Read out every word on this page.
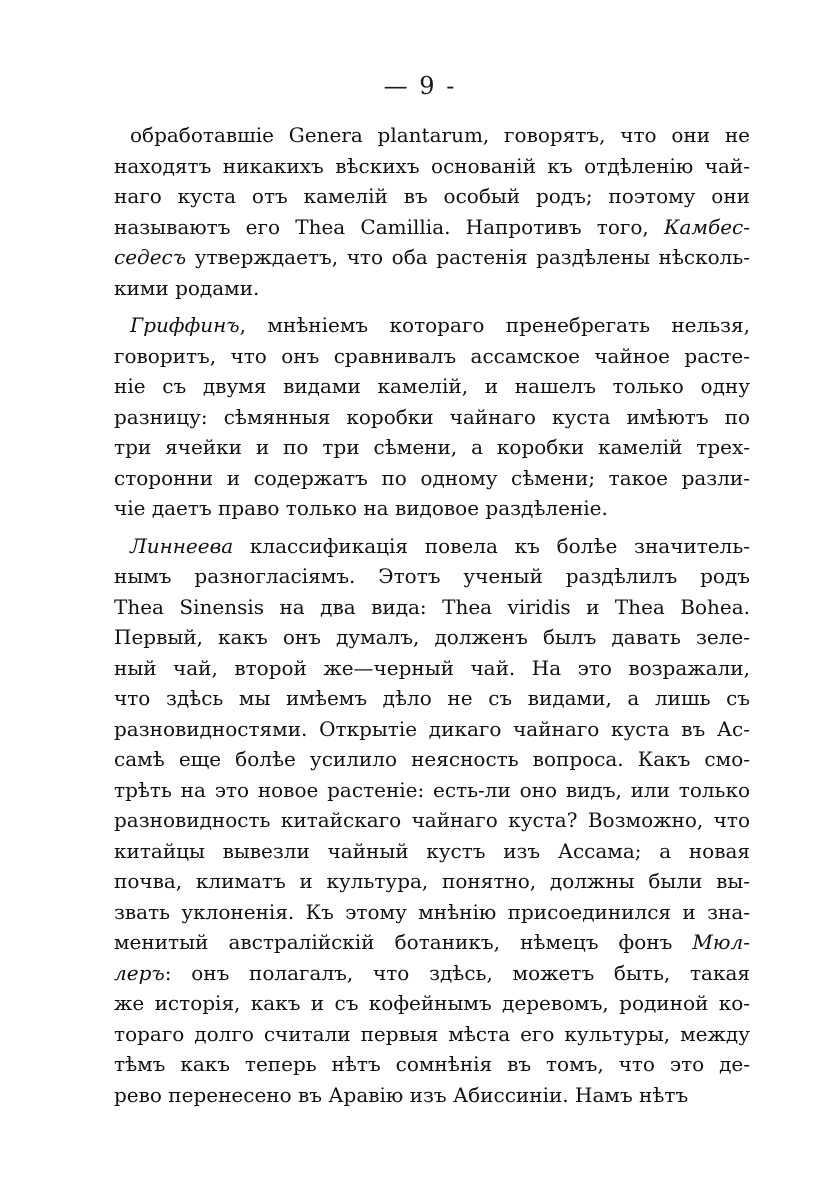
— 9 -
обработавшіе Genera plantarum, говорятъ, что они не
находятъ никакихъ вѣскихъ основаній къ отдѣленію чай-
наго куста отъ камелій въ особый родъ; поэтому они
называютъ его Thea Camillia. Напротивъ того, Камбес-
седесъ утверждаетъ, что оба растенія раздѣлены нѣсколь-
кими родами.
Гриффинъ, мнѣніемъ котораго пренебрегать нельзя,
говоритъ, что онъ сравнивалъ ассамское чайное расте-
ніе съ двумя видами камелій, и нашелъ только одну
разницу: сѣмянныя коробки чайнаго куста имѣютъ по
три ячейки и по три сѣмени, а коробки камелій трех-
сторонни и содержатъ по одному сѣмени; такое разли-
чіе даетъ право только на видовое раздѣленіе.
Линнеева классификація повела къ болѣе значитель-
нымъ разногласіямъ. Этотъ ученый раздѣлилъ родъ
Thea Sinensis на два вида: Thea viridis и Thea Bohea.
Первый, какъ онъ думалъ, долженъ былъ давать зеле-
ный чай, второй же—черный чай. На это возражали,
что здѣсь мы имѣемъ дѣло не съ видами, а лишь съ
разновидностями. Открытіе дикаго чайнаго куста въ Ас-
самѣ еще болѣе усилило неясность вопроса. Какъ смо-
трѣть на это новое растеніе: есть-ли оно видъ, или только
разновидность китайскаго чайнаго куста? Возможно, что
китайцы вывезли чайный кустъ изъ Ассама; а новая
почва, климатъ и культура, понятно, должны были вы-
звать уклоненія. Къ этому мнѣнію присоединился и зна-
менитый австралійскій ботаникъ, нѣмецъ фонъ Мюл-
леръ: онъ полагалъ, что здѣсь, можетъ быть, такая
же исторія, какъ и съ кофейнымъ деревомъ, родиной ко-
тораго долго считали первыя мѣста его культуры, между
тѣмъ какъ теперь нѣтъ сомнѣнія въ томъ, что это де-
рево перенесено въ Аравію изъ Абиссиніи. Намъ нѣтъ
